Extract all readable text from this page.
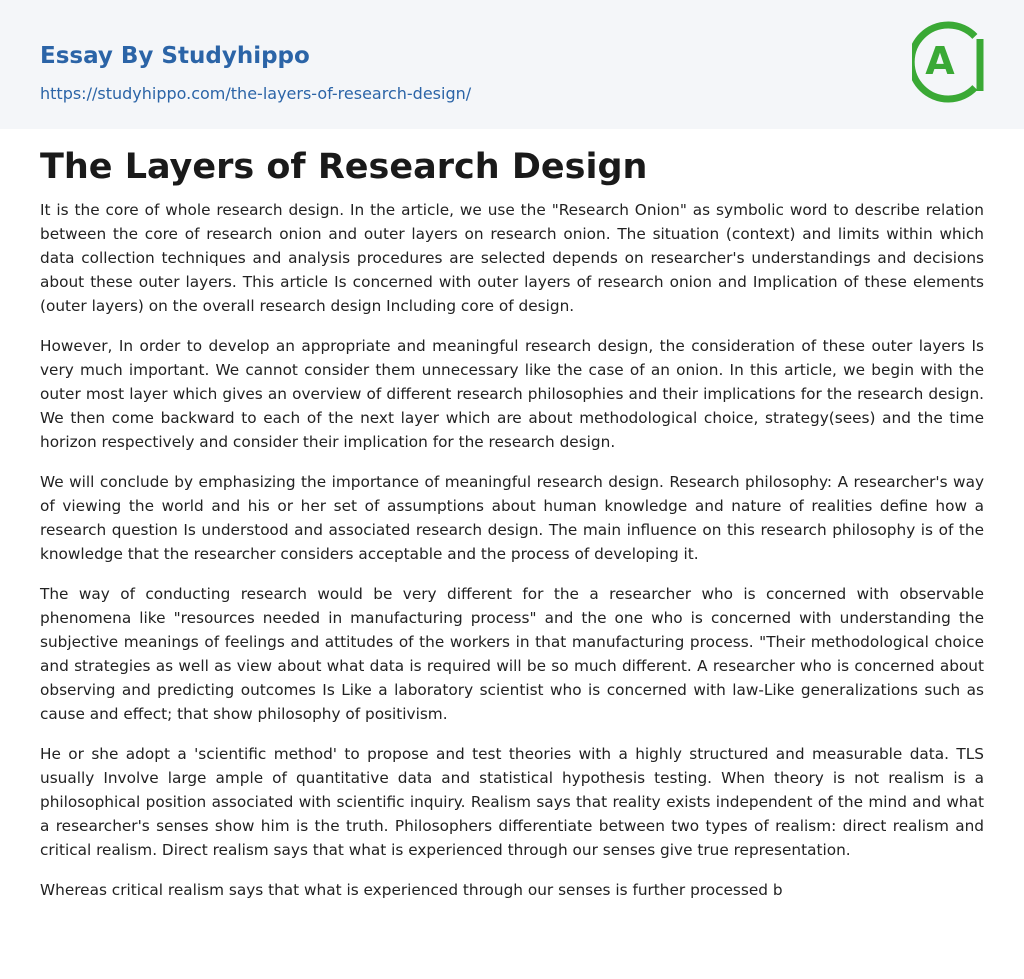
Essay By Studyhippo
https://studyhippo.com/the-layers-of-research-design/
A
The Layers of Research Design

It is the core of whole research design. In the article, we use the "Research Onion" as symbolic word to describe relation between the core of research onion and outer layers on research onion. The situation (context) and limits within which data collection techniques and analysis procedures are selected depends on researcher's understandings and decisions about these outer layers. This article Is concerned with outer layers of research onion and Implication of these elements (outer layers) on the overall research design Including core of design.

However, In order to develop an appropriate and meaningful research design, the consideration of these outer layers Is very much important. We cannot consider them unnecessary like the case of an onion. In this article, we begin with the outer most layer which gives an overview of different research philosophies and their implications for the research design. We then come backward to each of the next layer which are about methodological choice, strategy(sees) and the time horizon respectively and consider their implication for the research design.

We will conclude by emphasizing the importance of meaningful research design. Research philosophy: A researcher's way of viewing the world and his or her set of assumptions about human knowledge and nature of realities define how a research question Is understood and associated research design. The main influence on this research philosophy is of the knowledge that the researcher considers acceptable and the process of developing it.

The way of conducting research would be very different for the a researcher who is concerned with observable phenomena like "resources needed in manufacturing process" and the one who is concerned with understanding the subjective meanings of feelings and attitudes of the workers in that manufacturing process. "Their methodological choice and strategies as well as view about what data is required will be so much different. A researcher who is concerned about observing and predicting outcomes Is Like a laboratory scientist who is concerned with law-Like generalizations such as cause and effect; that show philosophy of positivism.

He or she adopt a 'scientific method' to propose and test theories with a highly structured and measurable data. TLS usually Involve large ample of quantitative data and statistical hypothesis testing. When theory is not realism is a philosophical position associated with scientific inquiry. Realism says that reality exists independent of the mind and what a researcher's senses show him is the truth. Philosophers differentiate between two types of realism: direct realism and critical realism. Direct realism says that what is experienced through our senses give true representation.

Whereas critical realism says that what is experienced through our senses is further processed b
